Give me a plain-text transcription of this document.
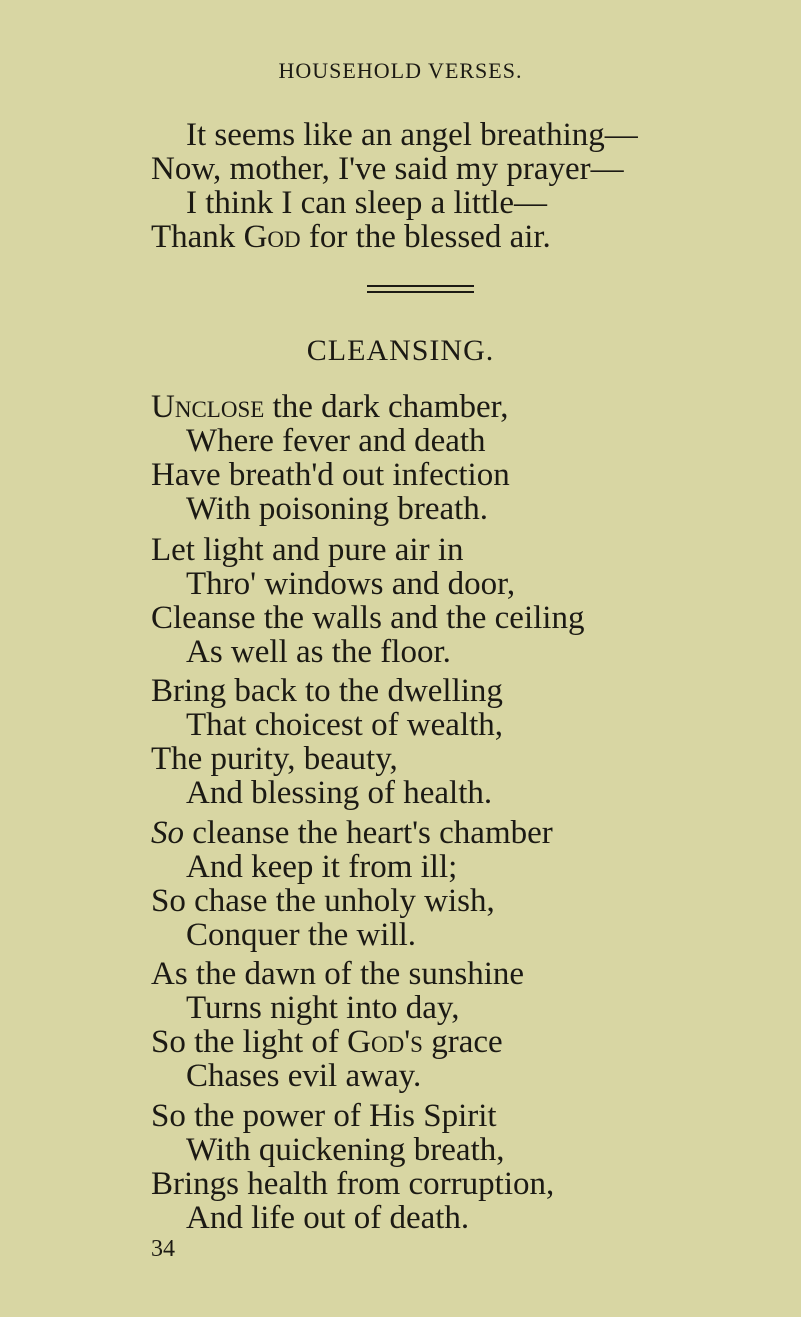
HOUSEHOLD VERSES.
It seems like an angel breathing—
Now, mother, I've said my prayer—
I think I can sleep a little—
Thank God for the blessed air.
CLEANSING.
Unclose the dark chamber,
Where fever and death
Have breath'd out infection
With poisoning breath.
Let light and pure air in
Thro' windows and door,
Cleanse the walls and the ceiling
As well as the floor.
Bring back to the dwelling
That choicest of wealth,
The purity, beauty,
And blessing of health.
So cleanse the heart's chamber
And keep it from ill;
So chase the unholy wish,
Conquer the will.
As the dawn of the sunshine
Turns night into day,
So the light of God's grace
Chases evil away.
So the power of His Spirit
With quickening breath,
Brings health from corruption,
And life out of death.
34
